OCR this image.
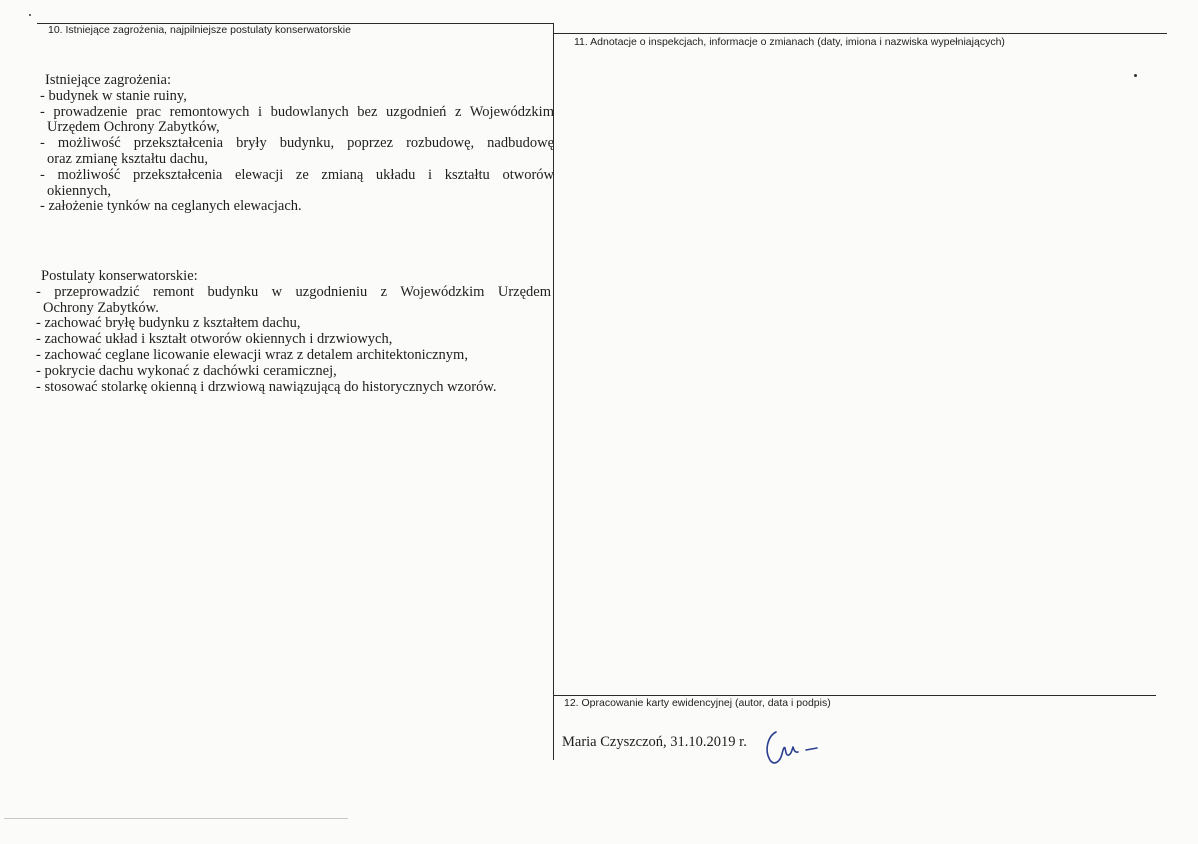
10. Istniejące zagrożenia, najpilniejsze postulaty konserwatorskie
11. Adnotacje o inspekcjach, informacje o zmianach (daty, imiona i nazwiska wypełniających)
Istniejące zagrożenia:
- budynek w stanie ruiny,
- prowadzenie prac remontowych i budowlanych bez uzgodnień z Wojewódzkim
Urzędem Ochrony Zabytków,
- możliwość przekształcenia bryły budynku, poprzez rozbudowę, nadbudowę
oraz zmianę kształtu dachu,
- możliwość przekształcenia elewacji ze zmianą układu i kształtu otworów
okiennych,
- założenie tynków na ceglanych elewacjach.
Postulaty konserwatorskie:
- przeprowadzić remont budynku w uzgodnieniu z Wojewódzkim Urzędem
Ochrony Zabytków.
- zachować bryłę budynku z kształtem dachu,
- zachować układ i kształt otworów okiennych i drzwiowych,
- zachować ceglane licowanie elewacji wraz z detalem architektonicznym,
- pokrycie dachu wykonać z dachówki ceramicznej,
- stosować stolarkę okienną i drzwiową nawiązującą do historycznych wzorów.
12. Opracowanie karty ewidencyjnej (autor, data i podpis)
Maria Czyszczoń, 31.10.2019 r.
